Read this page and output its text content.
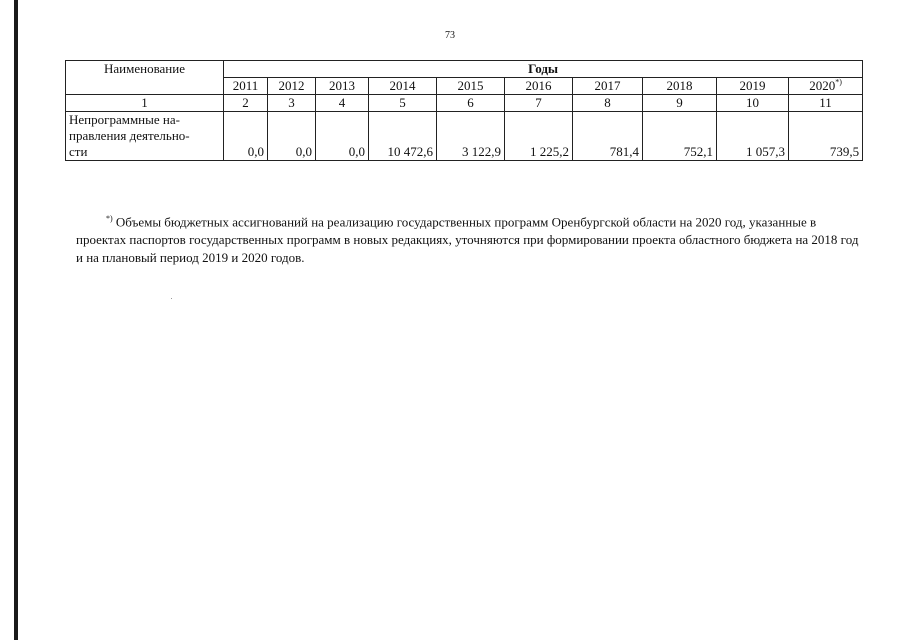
73
Наименование	Годы									
	2011	2012	2013	2014	2015	2016	2017	2018	2019	2020*)
1	2	3	4	5	6	7	8	9	10	11

Непрограммные на-
правления деятельно-
сти	0,0	0,0	0,0	10 472,6	3 122,9	1 225,2	781,4	752,1	1 057,3	739,5

*) Объемы бюджетных ассигнований на реализацию государственных программ Оренбургской области на 2020 год, указанные в проектах паспортов государственных программ в новых редакциях, уточняются при формировании проекта областного бюджета на 2018 год и на плановый период 2019 и 2020 годов.
